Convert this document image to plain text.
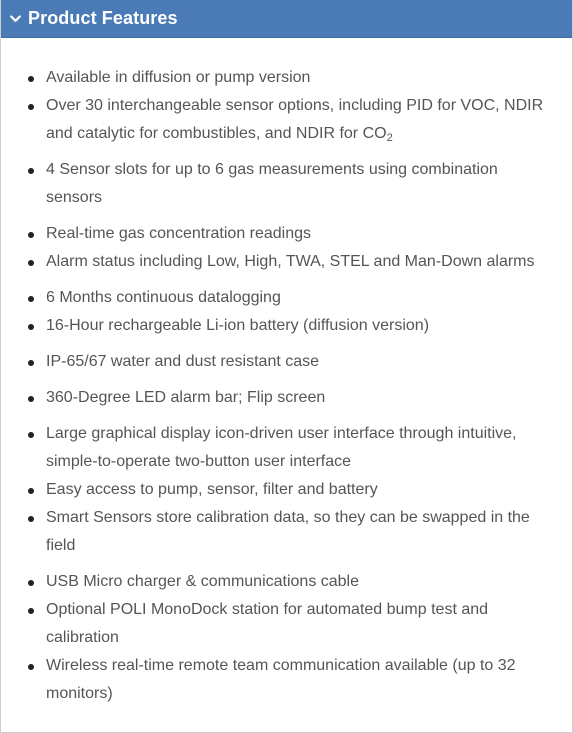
Product Features
Available in diffusion or pump version
Over 30 interchangeable sensor options, including PID for VOC, NDIR and catalytic for combustibles, and NDIR for $CO_2$
4 Sensor slots for up to 6 gas measurements using combination sensors
Real-time gas concentration readings
Alarm status including Low, High, TWA, STEL and Man-Down alarms
6 Months continuous datalogging
16-Hour rechargeable Li-ion battery (diffusion version)
IP-65/67 water and dust resistant case
360-Degree LED alarm bar; Flip screen
Large graphical display icon-driven user interface through intuitive, simple-to-operate two-button user interface
Easy access to pump, sensor, filter and battery
Smart Sensors store calibration data, so they can be swapped in the field
USB Micro charger & communications cable
Optional POLI MonoDock station for automated bump test and calibration
Wireless real-time remote team communication available (up to 32 monitors)
